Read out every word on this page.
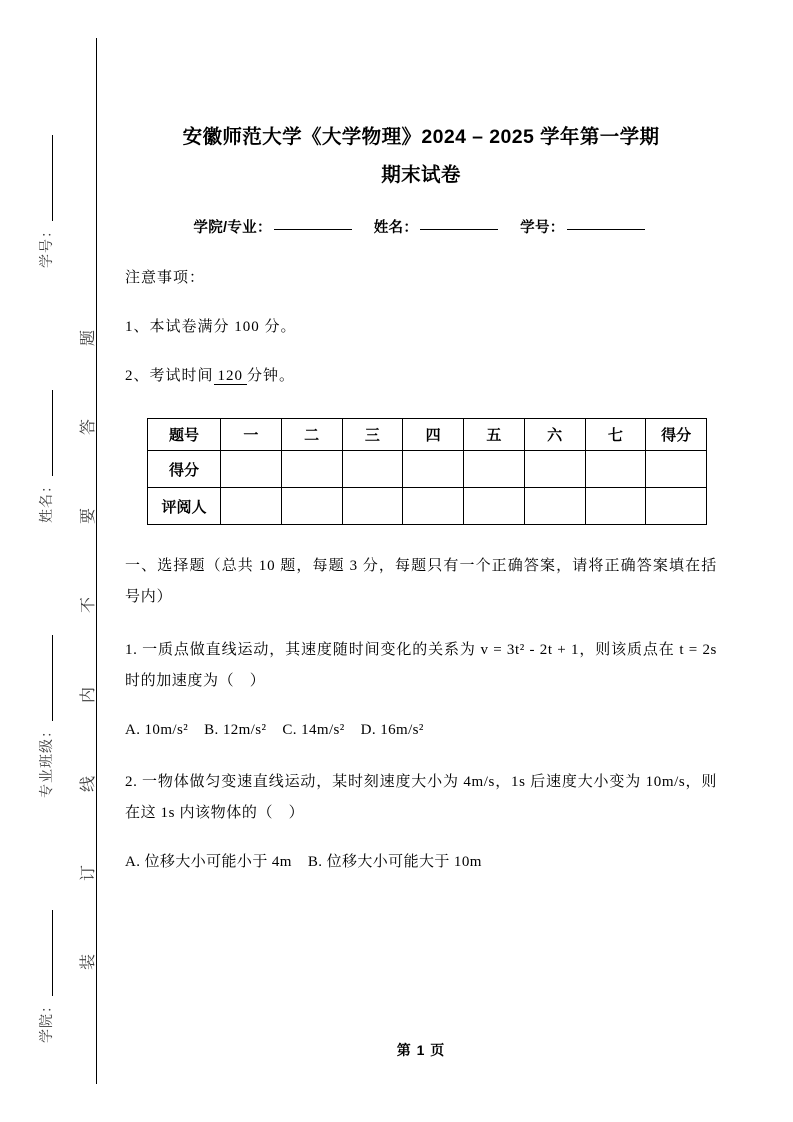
装
订
线
内
不
要
答
题
学号：
姓名：
专业班级：
学院：
安徽师范大学《大学物理》2024 – 2025 学年第一学期
期末试卷
学院/专业：	姓名：	学号：
注意事项：
1、本试卷满分 100 分。
2、考试时间 120 分钟。
题号	一	二	三	四	五	六	七	得分
得分								
评阅人								
一、选择题（总共 10 题，每题 3 分，每题只有一个正确答案，请将正确答案填在括号内）
1. 一质点做直线运动，其速度随时间变化的关系为 v = 3t² - 2t + 1，则该质点在 t = 2s 时的加速度为（　）
A. 10m/s² B. 12m/s² C. 14m/s² D. 16m/s²
2. 一物体做匀变速直线运动，某时刻速度大小为 4m/s，1s 后速度大小变为 10m/s，则在这 1s 内该物体的（　）
A. 位移大小可能小于 4m B. 位移大小可能大于 10m
第 1 页
